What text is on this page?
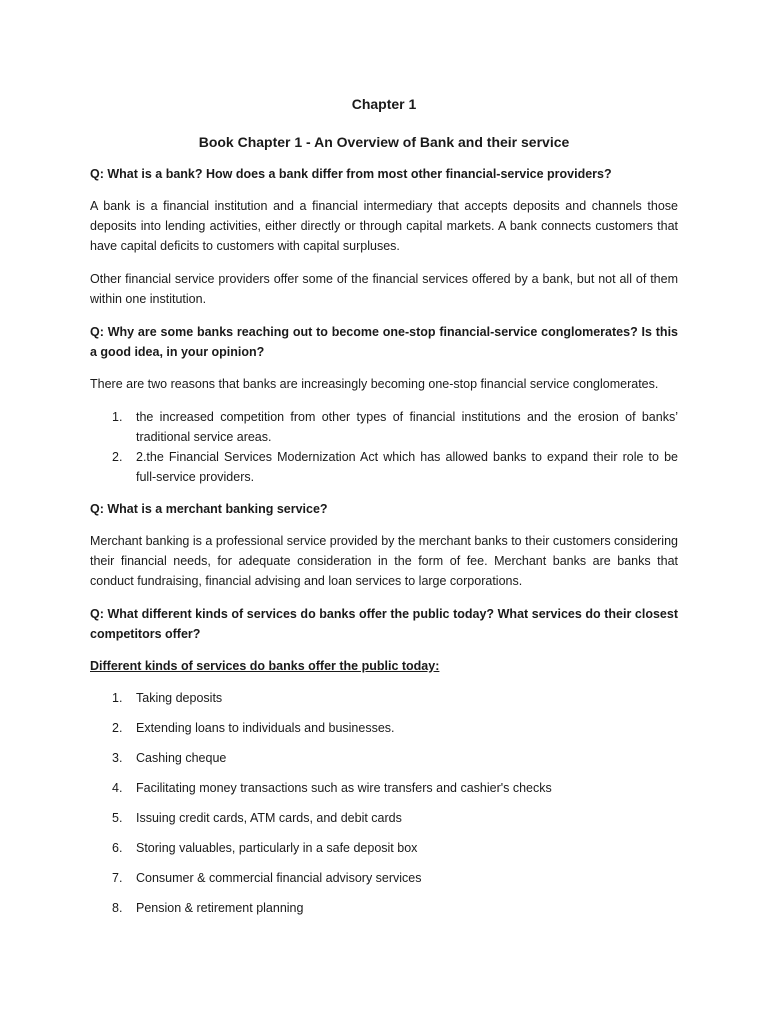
Chapter 1
Book Chapter 1 - An Overview of Bank and their service
Q: What is a bank? How does a bank differ from most other financial-service providers?

A bank is a financial institution and a financial intermediary that accepts deposits and channels those deposits into lending activities, either directly or through capital markets. A bank connects customers that have capital deficits to customers with capital surpluses.

Other financial service providers offer some of the financial services offered by a bank, but not all of them within one institution.

Q: Why are some banks reaching out to become one-stop financial-service conglomerates? Is this a good idea, in your opinion?

There are two reasons that banks are increasingly becoming one-stop financial service conglomerates.

1. the increased competition from other types of financial institutions and the erosion of banks’ traditional service areas.
2. 2.the Financial Services Modernization Act which has allowed banks to expand their role to be full-service providers.
Q: What is a merchant banking service?

Merchant banking is a professional service provided by the merchant banks to their customers considering their financial needs, for adequate consideration in the form of fee. Merchant banks are banks that conduct fundraising, financial advising and loan services to large corporations.

Q: What different kinds of services do banks offer the public today? What services do their closest competitors offer?
Different kinds of services do banks offer the public today:
1. Taking deposits
2. Extending loans to individuals and businesses.
3. Cashing cheque
4. Facilitating money transactions such as wire transfers and cashier's checks
5. Issuing credit cards, ATM cards, and debit cards
6. Storing valuables, particularly in a safe deposit box
7. Consumer & commercial financial advisory services
8. Pension & retirement planning
